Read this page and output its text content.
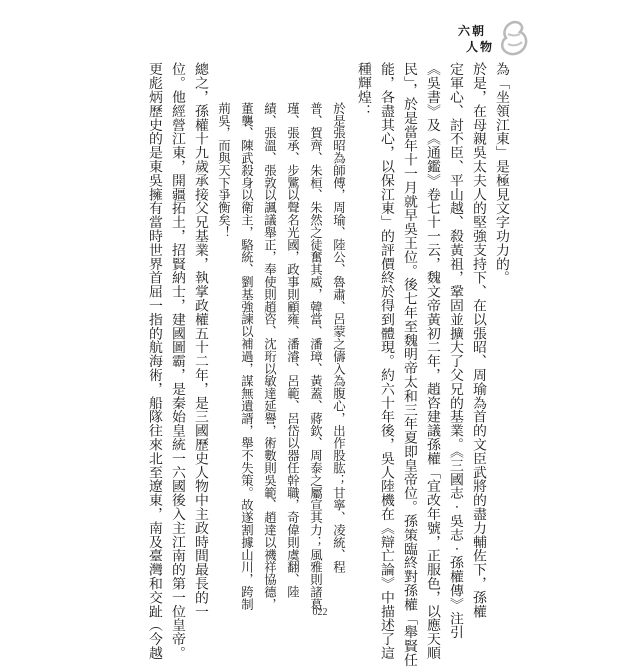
六朝
人物
為「坐領江東」是極見文字功力的。
於是，在母親吳太夫人的堅強支持下、在以張昭、周瑜為首的文臣武將的盡力輔佐下，孫權
定軍心、討不臣、平山越、殺黃祖，鞏固並擴大了父兄的基業。《三國志‧吳志‧孫權傳》注引
《吳書》及《通鑑》卷七十一云，魏文帝黃初二年，趙咨建議孫權「宜改年號，正服色，以應天順
民」，於是當年十一月就早吳王位。後七年至魏明帝太和三年夏即皇帝位。孫策臨終對孫權「舉賢任
能，各盡其心，以保江東」的評價終於得到體現。約六十年後，吳人陸機在《辯亡論》中描述了這
種輝煌：
於是張昭為師傅，周瑜、陸公、魯肅、呂蒙之儔入為腹心，出作股肱；甘寧、凌統、程
普、賀齊、朱桓、朱然之徒奮其威，韓當、潘璋、黃蓋、蔣欽、周泰之屬宣其力；風雅則諸葛
瑾、張承、步騭以聲名光國，政事則顧雍、潘濬、呂範、呂岱以器任幹職，奇偉則虞翻、陸
績、張溫、張敦以諷議舉正，奉使則趙咨、沈珩以敏達延譽，術數則吳範、趙達以禨祥協德，
董襲、陳武殺身以衛主，駱統、劉基強諫以補過，謀無遺諝，舉不失策。故遂割據山川，跨制
荊吳，而與天下爭衡矣！
總之，孫權十九歲承接父兄基業，執掌政權五十二年，是三國歷史人物中主政時間最長的一
位。他經營江東，開疆拓土，招賢納士，建國圖霸，是秦始皇統一六國後入主江南的第一位皇帝。
更彪炳歷史的是東吳擁有當時世界首屈一指的航海術，船隊往來北至遼東，南及臺灣和交趾（今越	022
